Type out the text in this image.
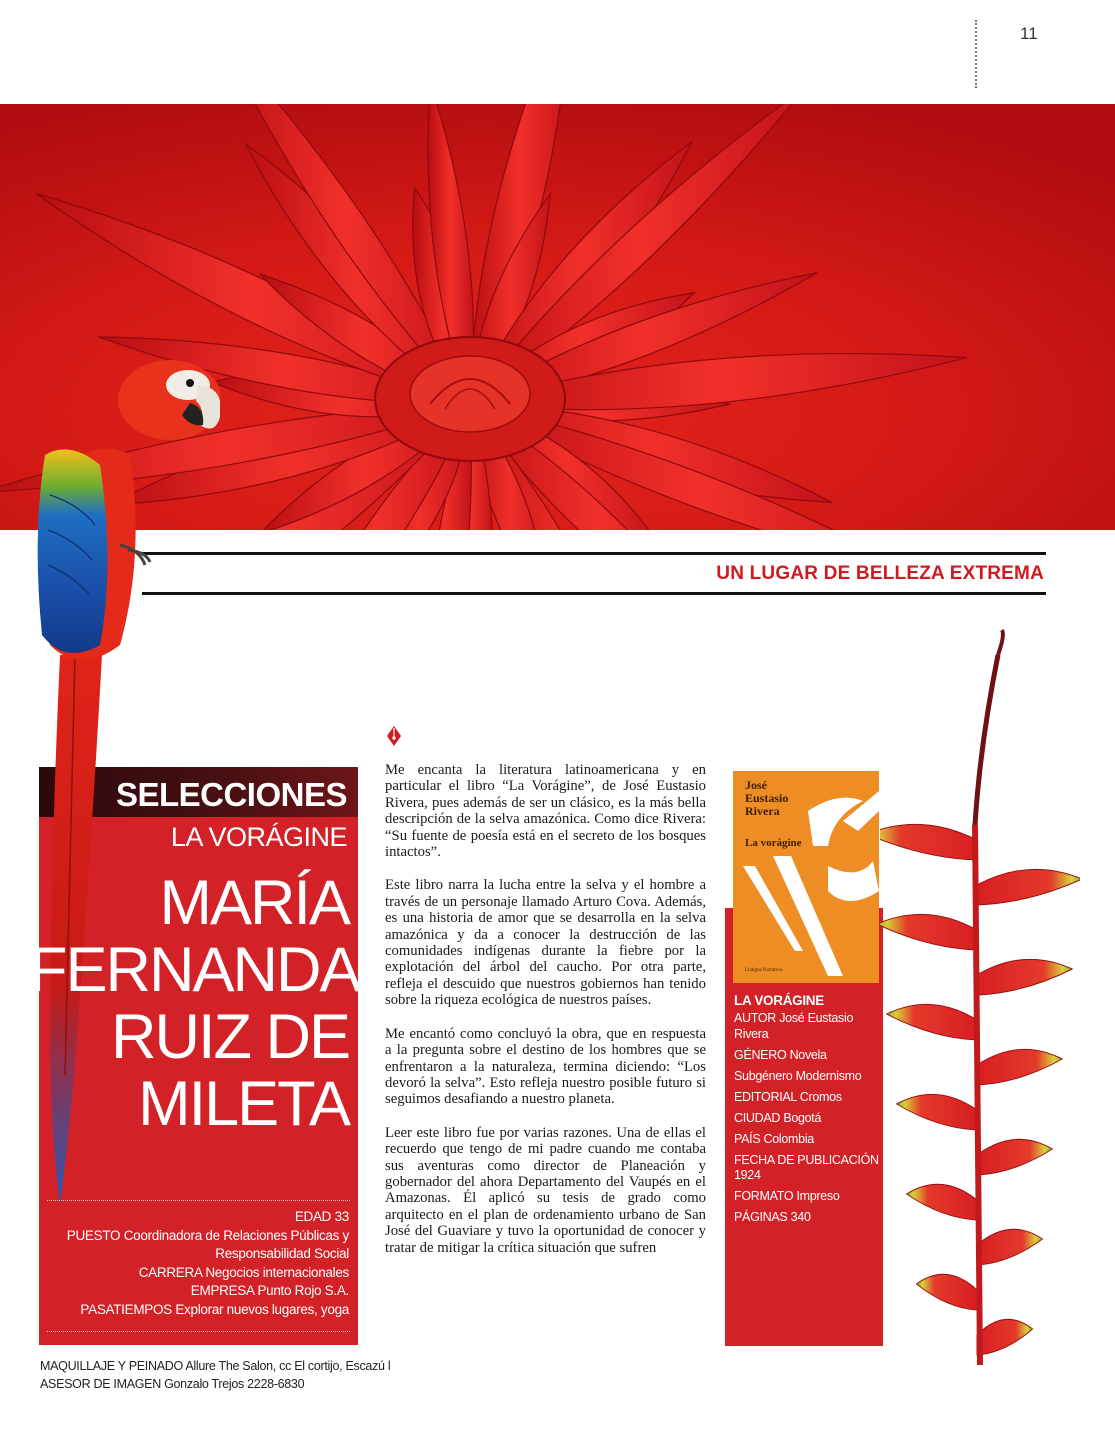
11
UN LUGAR DE BELLEZA EXTREMA
SELECCIONES
LA VORÁGINE
MARÍA
FERNANDA
RUIZ DE
MILETA
EDAD 33
PUESTO Coordinadora de Relaciones Públicas y
Responsabilidad Social
CARRERA Negocios internacionales
EMPRESA Punto Rojo S.A.
PASATIEMPOS Explorar nuevos lugares, yoga
MAQUILLAJE Y PEINADO Allure The Salon, cc El cortijo, Escazú l
ASESOR DE IMAGEN Gonzalo Trejos 2228-6830

Me encanta la literatura latinoamericana y en particular el libro “La Vorágine”, de José Eustasio Rivera, pues además de ser un clásico, es la más bella descripción de la selva amazónica. Como dice Rivera: “Su fuente de poesía está en el secreto de los bosques intactos”.

Este libro narra la lucha entre la selva y el hombre a través de un personaje llamado Arturo Cova. Además, es una historia de amor que se desarrolla en la selva amazónica y da a conocer la destrucción de las comunidades indígenas durante la fiebre por la explotación del árbol del caucho. Por otra parte, refleja el descuido que nuestros gobiernos han tenido sobre la riqueza ecológica de nuestros países.

Me encantó como concluyó la obra, que en respuesta a la pregunta sobre el destino de los hombres que se enfrentaron a la naturaleza, termina diciendo: “Los devoró la selva”. Esto refleja nuestro posible futuro si seguimos desafiando a nuestro planeta.

Leer este libro fue por varias razones. Una de ellas el recuerdo que tengo de mi padre cuando me contaba sus aventuras como director de Planeación y gobernador del ahora Departamento del Vaupés en el Amazonas. Él aplicó su tesis de grado como arquitecto en el plan de ordenamiento urbano de San José del Guaviare y tuvo la oportunidad de conocer y tratar de mitigar la crítica situación que sufren

José
Eustasio
Rivera
La vorágine
Linkgua Narrativa
LA VORÁGINE
AUTOR José Eustasio Rivera
GÉNERO Novela
Subgénero Modernismo
EDITORIAL Cromos
CIUDAD Bogotá
PAÍS Colombia
FECHA DE PUBLICACIÓN
1924
FORMATO Impreso
PÁGINAS 340
